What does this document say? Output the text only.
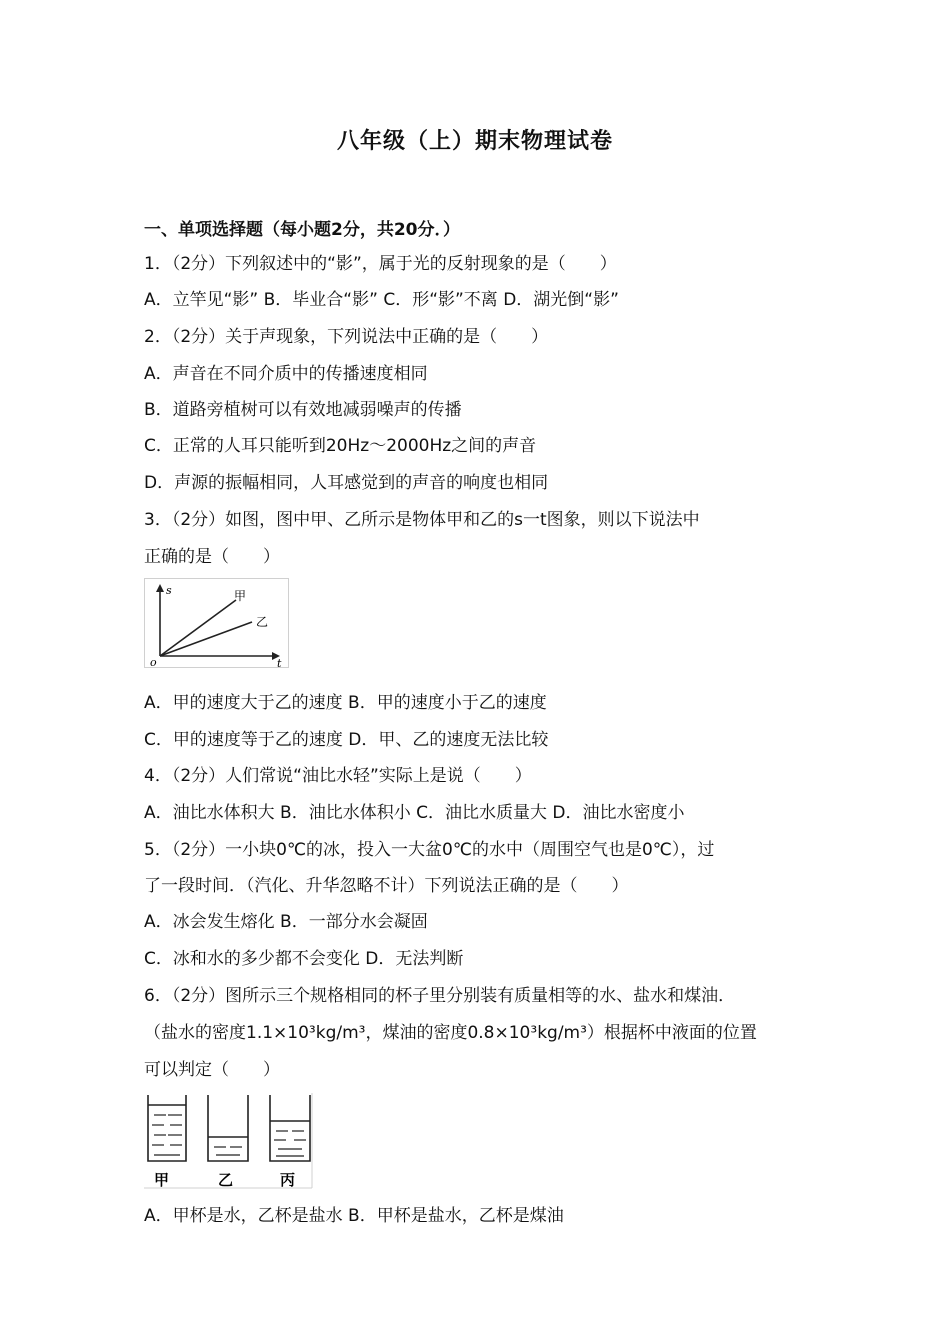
八年级（上）期末物理试卷
一、单项选择题（每小题2分，共20分．）
1．（2分）下列叙述中的“影”，属于光的反射现象的是（　　）
A．立竿见“影” B．毕业合“影” C．形“影”不离 D．湖光倒“影”
2．（2分）关于声现象，下列说法中正确的是（　　）
A．声音在不同介质中的传播速度相同
B．道路旁植树可以有效地减弱噪声的传播
C．正常的人耳只能听到20Hz～2000Hz之间的声音
D．声源的振幅相同，人耳感觉到的声音的响度也相同
3．（2分）如图，图中甲、乙所示是物体甲和乙的s一t图象，则以下说法中
正确的是（　　）
s
o	t
甲
乙
A．甲的速度大于乙的速度 B．甲的速度小于乙的速度
C．甲的速度等于乙的速度 D．甲、乙的速度无法比较
4．（2分）人们常说“油比水轻”实际上是说（　　）
A．油比水体积大 B．油比水体积小 C．油比水质量大 D．油比水密度小
5．（2分）一小块0℃的冰，投入一大盆0℃的水中（周围空气也是0℃），过
了一段时间．（汽化、升华忽略不计）下列说法正确的是（　　）
A．冰会发生熔化 B．一部分水会凝固
C．冰和水的多少都不会变化 D．无法判断
6．（2分）图所示三个规格相同的杯子里分别装有质量相等的水、盐水和煤油．
（盐水的密度1.1×10³kg/m³，煤油的密度0.8×10³kg/m³）根据杯中液面的位置
可以判定（　　）
甲	乙	丙
A．甲杯是水，乙杯是盐水 B．甲杯是盐水，乙杯是煤油
